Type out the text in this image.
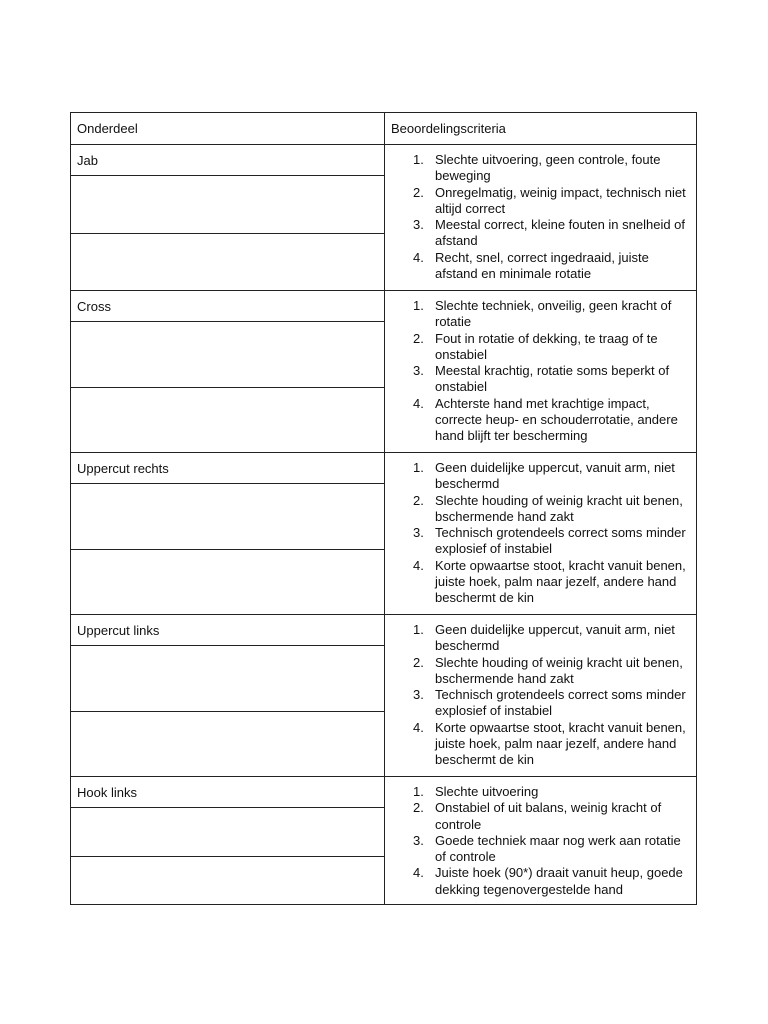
Onderdeel	Beoordelingscriteria
Jab	Slechte uitvoering, geen controle, foute beweging
Onregelmatig, weinig impact, technisch niet altijd correct
Meestal correct, kleine fouten in snelheid of afstand
Recht, snel, correct ingedraaid, juiste afstand en minimale rotatie
Cross	Slechte techniek, onveilig, geen kracht of rotatie
Fout in rotatie of dekking, te traag of te onstabiel
Meestal krachtig, rotatie soms beperkt of onstabiel
Achterste hand met krachtige impact, correcte heup- en schouderrotatie, andere hand blijft ter bescherming
Uppercut rechts	Geen duidelijke uppercut, vanuit arm, niet beschermd
Slechte houding of weinig kracht uit benen, bschermende hand zakt
Technisch grotendeels correct soms minder explosief of instabiel
Korte opwaartse stoot, kracht vanuit benen, juiste hoek, palm naar jezelf, andere hand beschermt de kin
Uppercut links	Geen duidelijke uppercut, vanuit arm, niet beschermd
Slechte houding of weinig kracht uit benen, bschermende hand zakt
Technisch grotendeels correct soms minder explosief of instabiel
Korte opwaartse stoot, kracht vanuit benen, juiste hoek, palm naar jezelf, andere hand beschermt de kin
Hook links	Slechte uitvoering
Onstabiel of uit balans, weinig kracht of controle
Goede techniek maar nog werk aan rotatie of controle
Juiste hoek (90*) draait vanuit heup, goede dekking tegenovergestelde hand
